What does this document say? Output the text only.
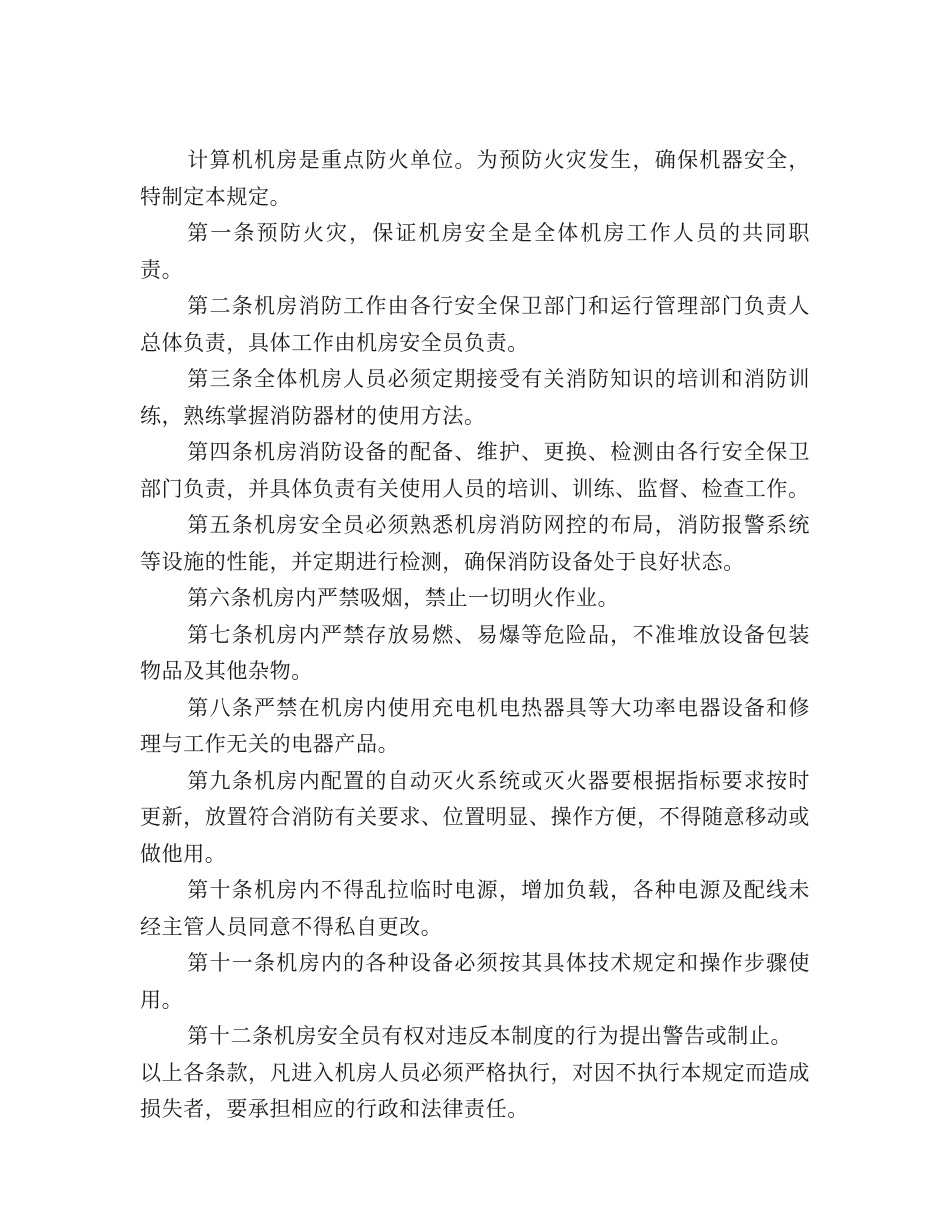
计算机机房是重点防火单位。为预防火灾发生，确保机器安全，特制定本规定。

第一条预防火灾，保证机房安全是全体机房工作人员的共同职责。

第二条机房消防工作由各行安全保卫部门和运行管理部门负责人总体负责，具体工作由机房安全员负责。

第三条全体机房人员必须定期接受有关消防知识的培训和消防训练，熟练掌握消防器材的使用方法。

第四条机房消防设备的配备、维护、更换、检测由各行安全保卫部门负责，并具体负责有关使用人员的培训、训练、监督、检查工作。

第五条机房安全员必须熟悉机房消防网控的布局，消防报警系统等设施的性能，并定期进行检测，确保消防设备处于良好状态。

第六条机房内严禁吸烟，禁止一切明火作业。

第七条机房内严禁存放易燃、易爆等危险品，不准堆放设备包装物品及其他杂物。

第八条严禁在机房内使用充电机电热器具等大功率电器设备和修理与工作无关的电器产品。

第九条机房内配置的自动灭火系统或灭火器要根据指标要求按时更新，放置符合消防有关要求、位置明显、操作方便，不得随意移动或做他用。

第十条机房内不得乱拉临时电源，增加负载，各种电源及配线未经主管人员同意不得私自更改。

第十一条机房内的各种设备必须按其具体技术规定和操作步骤使用。

第十二条机房安全员有权对违反本制度的行为提出警告或制止。

以上各条款，凡进入机房人员必须严格执行，对因不执行本规定而造成损失者，要承担相应的行政和法律责任。
